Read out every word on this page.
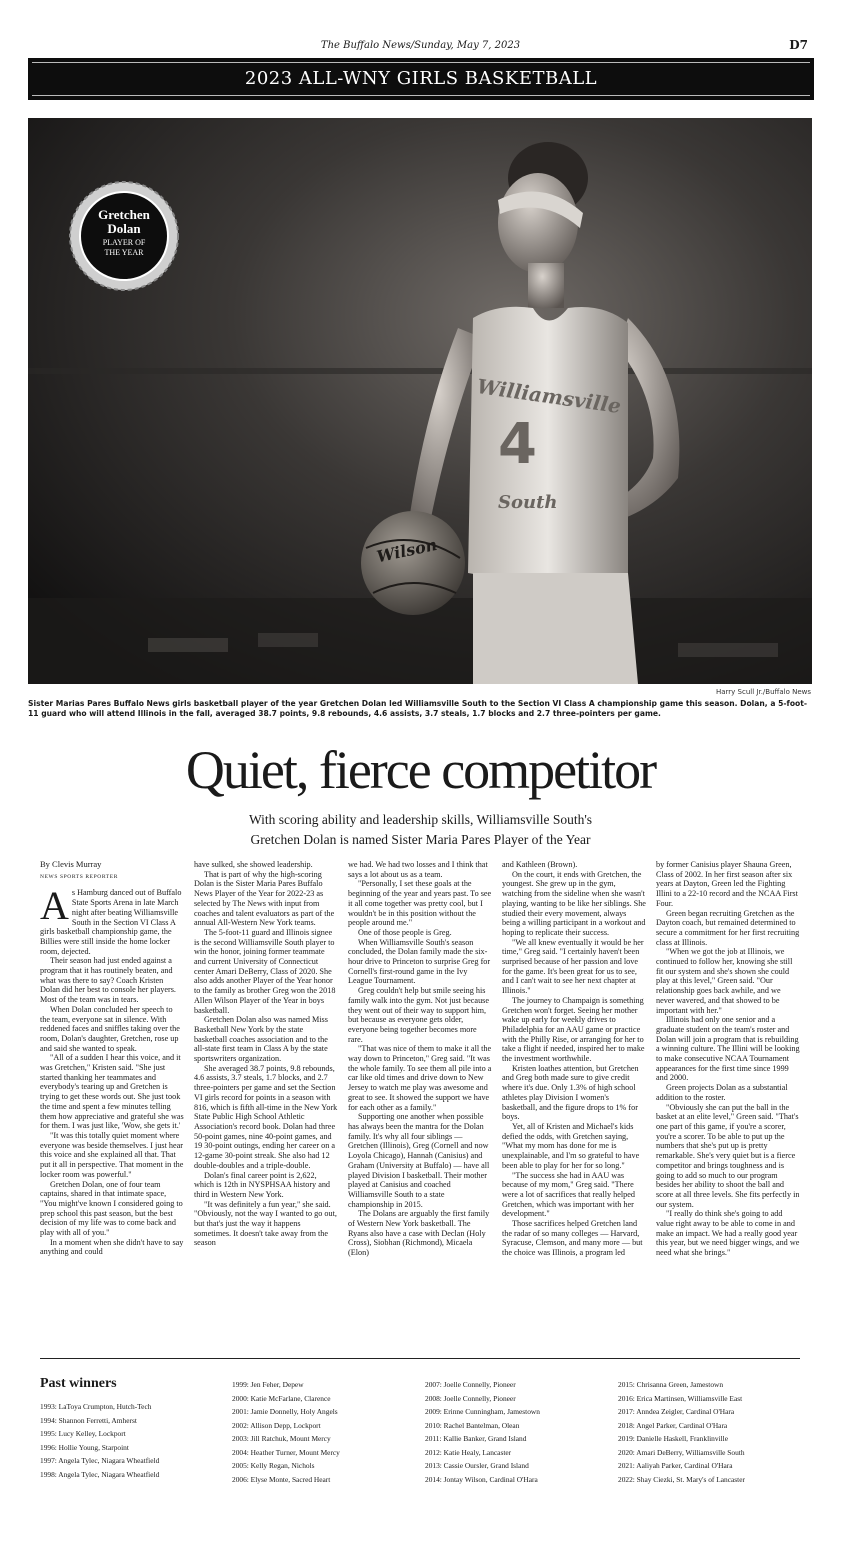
The Buffalo News/Sunday, May 7, 2023	D7
2023 ALL-WNY GIRLS BASKETBALL
Williamsville
4
South
Wilson
Gretchen
Dolan
PLAYER OF
THE YEAR
Harry Scull Jr./Buffalo News
Sister Marias Pares Buffalo News girls basketball player of the year Gretchen Dolan led Williamsville South to the Section VI Class A championship game this season. Dolan, a 5-foot-11 guard who will attend Illinois in the fall, averaged 38.7 points, 9.8 rebounds, 4.6 assists, 3.7 steals, 1.7 blocks and 2.7 three-pointers per game.
Quiet, fierce competitor
With scoring ability and leadership skills, Williamsville South's
Gretchen Dolan is named Sister Maria Pares Player of the Year
By Clevis Murray
NEWS SPORTS REPORTER

As Hamburg danced out of Buffalo State Sports Arena in late March night after beating Williamsville South in the Section VI Class A girls basketball championship game, the Billies were still inside the home locker room, dejected.

Their season had just ended against a program that it has routinely beaten, and what was there to say? Coach Kristen Dolan did her best to console her players. Most of the team was in tears.

When Dolan concluded her speech to the team, everyone sat in silence. With reddened faces and sniffles taking over the room, Dolan's daughter, Gretchen, rose up and said she wanted to speak.

"All of a sudden I hear this voice, and it was Gretchen," Kristen said. "She just started thanking her teammates and everybody's tearing up and Gretchen is trying to get these words out. She just took the time and spent a few minutes telling them how appreciative and grateful she was for them. I was just like, 'Wow, she gets it.'

"It was this totally quiet moment where everyone was beside themselves. I just hear this voice and she explained all that. That put it all in perspective. That moment in the locker room was powerful."

Gretchen Dolan, one of four team captains, shared in that intimate space, "You might've known I considered going to prep school this past season, but the best decision of my life was to come back and play with all of you."

In a moment when she didn't have to say anything and could

have sulked, she showed leadership.

That is part of why the high-scoring Dolan is the Sister Maria Pares Buffalo News Player of the Year for 2022-23 as selected by The News with input from coaches and talent evaluators as part of the annual All-Western New York teams.

The 5-foot-11 guard and Illinois signee is the second Williamsville South player to win the honor, joining former teammate and current University of Connecticut center Amari DeBerry, Class of 2020. She also adds another Player of the Year honor to the family as brother Greg won the 2018 Allen Wilson Player of the Year in boys basketball.

Gretchen Dolan also was named Miss Basketball New York by the state basketball coaches association and to the all-state first team in Class A by the state sportswriters organization.

She averaged 38.7 points, 9.8 rebounds, 4.6 assists, 3.7 steals, 1.7 blocks, and 2.7 three-pointers per game and set the Section VI girls record for points in a season with 816, which is fifth all-time in the New York State Public High School Athletic Association's record book. Dolan had three 50-point games, nine 40-point games, and 19 30-point outings, ending her career on a 12-game 30-point streak. She also had 12 double-doubles and a triple-double.

Dolan's final career point is 2,622, which is 12th in NYSPHSAA history and third in Western New York.

"It was definitely a fun year," she said. "Obviously, not the way I wanted to go out, but that's just the way it happens sometimes. It doesn't take away from the season

we had. We had two losses and I think that says a lot about us as a team.

"Personally, I set these goals at the beginning of the year and years past. To see it all come together was pretty cool, but I wouldn't be in this position without the people around me."

One of those people is Greg.

When Williamsville South's season concluded, the Dolan family made the six-hour drive to Princeton to surprise Greg for Cornell's first-round game in the Ivy League Tournament.

Greg couldn't help but smile seeing his family walk into the gym. Not just because they went out of their way to support him, but because as everyone gets older, everyone being together becomes more rare.

"That was nice of them to make it all the way down to Princeton," Greg said. "It was the whole family. To see them all pile into a car like old times and drive down to New Jersey to watch me play was awesome and great to see. It showed the support we have for each other as a family."

Supporting one another when possible has always been the mantra for the Dolan family. It's why all four siblings — Gretchen (Illinois), Greg (Cornell and now Loyola Chicago), Hannah (Canisius) and Graham (University at Buffalo) — have all played Division I basketball. Their mother played at Canisius and coached Williamsville South to a state championship in 2015.

The Dolans are arguably the first family of Western New York basketball. The Ryans also have a case with Declan (Holy Cross), Siobhan (Richmond), Micaela (Elon)

and Kathleen (Brown).

On the court, it ends with Gretchen, the youngest. She grew up in the gym, watching from the sideline when she wasn't playing, wanting to be like her siblings. She studied their every movement, always being a willing participant in a workout and hoping to replicate their success.

"We all knew eventually it would be her time," Greg said. "I certainly haven't been surprised because of her passion and love for the game. It's been great for us to see, and I can't wait to see her next chapter at Illinois."

The journey to Champaign is something Gretchen won't forget. Seeing her mother wake up early for weekly drives to Philadelphia for an AAU game or practice with the Philly Rise, or arranging for her to take a flight if needed, inspired her to make the investment worthwhile.

Kristen loathes attention, but Gretchen and Greg both made sure to give credit where it's due. Only 1.3% of high school athletes play Division I women's basketball, and the figure drops to 1% for boys.

Yet, all of Kristen and Michael's kids defied the odds, with Gretchen saying, "What my mom has done for me is unexplainable, and I'm so grateful to have been able to play for her for so long."

"The success she had in AAU was because of my mom," Greg said. "There were a lot of sacrifices that really helped Gretchen, which was important with her development."

Those sacrifices helped Gretchen land the radar of so many colleges — Harvard, Syracuse, Clemson, and many more — but the choice was Illinois, a program led

by former Canisius player Shauna Green, Class of 2002. In her first season after six years at Dayton, Green led the Fighting Illini to a 22-10 record and the NCAA First Four.

Green began recruiting Gretchen as the Dayton coach, but remained determined to secure a commitment for her first recruiting class at Illinois.

"When we got the job at Illinois, we continued to follow her, knowing she still fit our system and she's shown she could play at this level," Green said. "Our relationship goes back awhile, and we never wavered, and that showed to be important with her."

Illinois had only one senior and a graduate student on the team's roster and Dolan will join a program that is rebuilding a winning culture. The Illini will be looking to make consecutive NCAA Tournament appearances for the first time since 1999 and 2000.

Green projects Dolan as a substantial addition to the roster.

"Obviously she can put the ball in the basket at an elite level," Green said. "That's one part of this game, if you're a scorer, you're a scorer. To be able to put up the numbers that she's put up is pretty remarkable. She's very quiet but is a fierce competitor and brings toughness and is going to add so much to our program besides her ability to shoot the ball and score at all three levels. She fits perfectly in our system.

"I really do think she's going to add value right away to be able to come in and make an impact. We had a really good year this year, but we need bigger wings, and we need what she brings."

Past winners
1993: LaToya Crumpton, Hutch-Tech
1994: Shannon Ferretti, Amherst
1995: Lucy Kelley, Lockport
1996: Hollie Young, Starpoint
1997: Angela Tylec, Niagara Wheatfield
1998: Angela Tylec, Niagara Wheatfield
1999: Jen Feher, Depew
2000: Katie McFarlane, Clarence
2001: Jamie Donnelly, Holy Angels
2002: Allison Depp, Lockport
2003: Jill Ratchuk, Mount Mercy
2004: Heather Turner, Mount Mercy
2005: Kelly Regan, Nichols
2006: Elyse Monte, Sacred Heart
2007: Joelle Connelly, Pioneer
2008: Joelle Connelly, Pioneer
2009: Erinne Cunningham, Jamestown
2010: Rachel Bantelman, Olean
2011: Kallie Banker, Grand Island
2012: Katie Healy, Lancaster
2013: Cassie Oursler, Grand Island
2014: Jontay Wilson, Cardinal O'Hara
2015: Chrisanna Green, Jamestown
2016: Erica Martinsen, Williamsville East
2017: Anndea Zeigler, Cardinal O'Hara
2018: Angel Parker, Cardinal O'Hara
2019: Danielle Haskell, Franklinville
2020: Amari DeBerry, Williamsville South
2021: Aaliyah Parker, Cardinal O'Hara
2022: Shay Ciezki, St. Mary's of Lancaster
